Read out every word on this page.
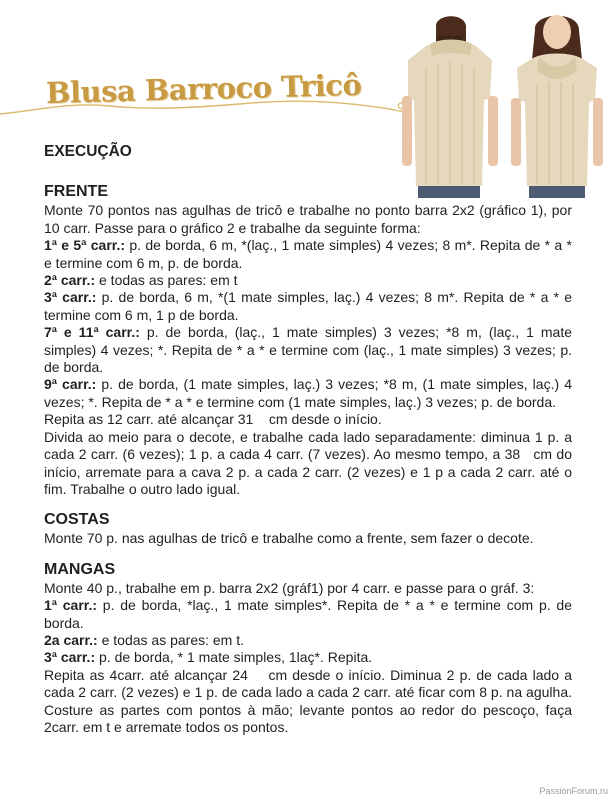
Blusa Barroco Tricô
EXECUÇÃO
FRENTE

Monte 70 pontos nas agulhas de tricô e trabalhe no ponto barra 2x2 (gráfico 1), por 10 carr. Passe para o gráfico 2 e trabalhe da seguinte forma:

1ª e 5ª carr.: p. de borda, 6 m, *(laç., 1 mate simples) 4 vezes; 8 m*. Repita de * a * e termine com 6 m, p. de borda.

2ª carr.: e todas as pares: em t

3ª carr.: p. de borda, 6 m, *(1 mate simples, laç.) 4 vezes; 8 m*. Repita de * a * e termine com 6 m, 1 p de borda.

7ª e 11ª carr.: p. de borda, (laç., 1 mate simples) 3 vezes; *8 m, (laç., 1 mate simples) 4 vezes; *. Repita de * a * e termine com (laç., 1 mate simples) 3 vezes; p. de borda.

9ª carr.: p. de borda, (1 mate simples, laç.) 3 vezes; *8 m, (1 mate simples, laç.) 4 vezes; *. Repita de * a * e termine com (1 mate simples, laç.) 3 vezes; p. de borda.

Repita as 12 carr. até alcançar 31    cm desde o início.

Divida ao meio para o decote, e trabalhe cada lado separadamente: diminua 1 p. a cada 2 carr. (6 vezes); 1 p. a cada 4 carr. (7 vezes). Ao mesmo tempo, a 38   cm do início, arremate para a cava 2 p. a cada 2 carr. (2 vezes) e 1 p a cada 2 carr. até o fim. Trabalhe o outro lado igual.

COSTAS

Monte 70 p. nas agulhas de tricô e trabalhe como a frente, sem fazer o decote.

MANGAS

Monte 40 p., trabalhe em p. barra 2x2 (gráf1) por 4 carr. e passe para o gráf. 3:

1ª carr.: p. de borda, *laç., 1 mate simples*. Repita de * a * e termine com p. de borda.

2a carr.: e todas as pares: em t.

3ª carr.: p. de borda, * 1 mate simples, 1laç*. Repita.

Repita as 4carr. até alcançar 24    cm desde o início. Diminua 2 p. de cada lado a cada 2 carr. (2 vezes) e 1 p. de cada lado a cada 2 carr. até ficar com 8 p. na agulha. Costure as partes com pontos à mão; levante pontos ao redor do pescoço, faça 2carr. em t e arremate todos os pontos.

PassionForum.ru
